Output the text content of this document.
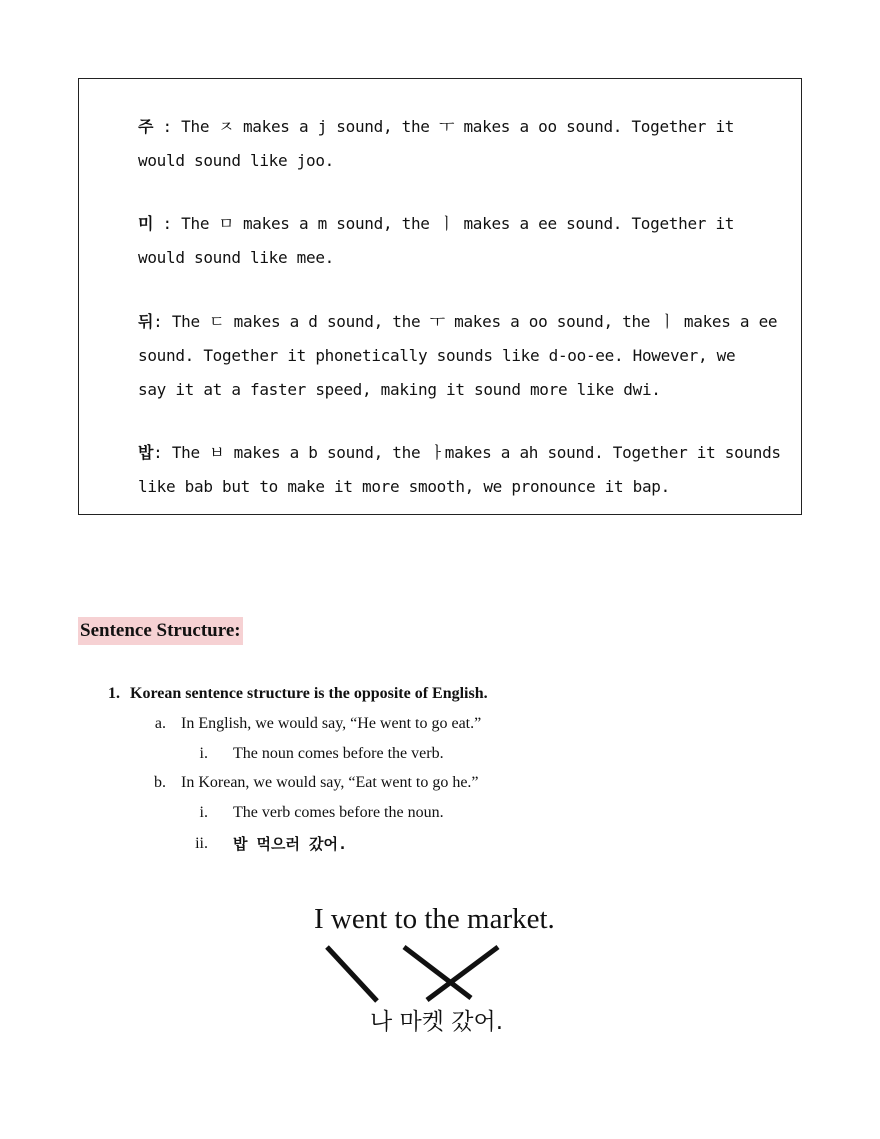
주 : The ㅈ makes a j sound, the ㅜ makes a oo sound. Together it
would sound like joo.
미 : The ㅁ makes a m sound, the ㅣ makes a ee sound. Together it
would sound like mee.
뒤: The ㄷ makes a d sound, the ㅜ makes a oo sound, the ㅣ makes a ee
sound. Together it phonetically sounds like d-oo-ee. However, we
say it at a faster speed, making it sound more like dwi.
밥: The ㅂ makes a b sound, the ㅏmakes a ah sound. Together it sounds
like bab but to make it more smooth, we pronounce it bap.
Sentence Structure:
1. Korean sentence structure is the opposite of English.
a. In English, we would say, “He went to go eat.”
i. The noun comes before the verb.
b. In Korean, we would say, “Eat went to go he.”
i. The verb comes before the noun.
ii. 밥 먹으러 갔어.
I went to the market.
나 마켓 갔어.
